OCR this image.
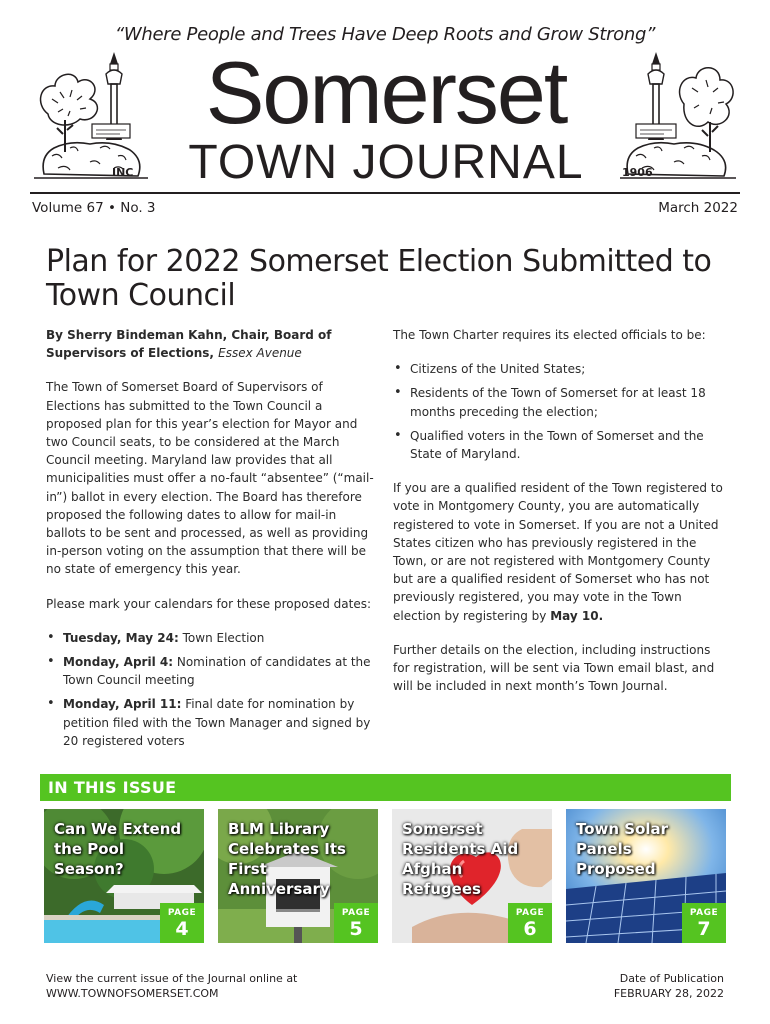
“Where People and Trees Have Deep Roots and Grow Strong”
INC
Somerset
TOWN JOURNAL	1906
Volume 67 • No. 3	March 2022
Plan for 2022 Somerset Election Submitted to Town Council

By Sherry Bindeman Kahn, Chair, Board of Supervisors of Elections, Essex Avenue

The Town of Somerset Board of Supervisors of Elections has submitted to the Town Council a proposed plan for this year’s election for Mayor and two Council seats, to be considered at the March Council meeting. Maryland law provides that all municipalities must offer a no-fault “absentee” (“mail-in”) ballot in every election. The Board has therefore proposed the following dates to allow for mail-in ballots to be sent and processed, as well as providing in-person voting on the assumption that there will be no state of emergency this year.

Please mark your calendars for these proposed dates:

• Tuesday, May 24: Town Election
• Monday, April 4: Nomination of candidates at the Town Council meeting
• Monday, April 11: Final date for nomination by petition filed with the Town Manager and signed by 20 registered voters

The Town Charter requires its elected officials to be:

• Citizens of the United States;
• Residents of the Town of Somerset for at least 18 months preceding the election;
• Qualified voters in the Town of Somerset and the State of Maryland.

If you are a qualified resident of the Town registered to vote in Montgomery County, you are automatically registered to vote in Somerset. If you are not a United States citizen who has previously registered in the Town, or are not registered with Montgomery County but are a qualified resident of Somerset who has not previously registered, you may vote in the Town election by registering by May 10.

Further details on the election, including instructions for registration, will be sent via Town email blast, and will be included in next month’s Town Journal.

IN THIS ISSUE
Can We Extend the Pool Season?
PAGE
4
BLM Library Celebrates Its First Anniversary
PAGE
5
Somerset Residents Aid Afghan Refugees
PAGE
6
Town Solar Panels Proposed
PAGE
7
View the current issue of the Journal online at
WWW.TOWNOFSOMERSET.COM
Date of Publication
FEBRUARY 28, 2022
